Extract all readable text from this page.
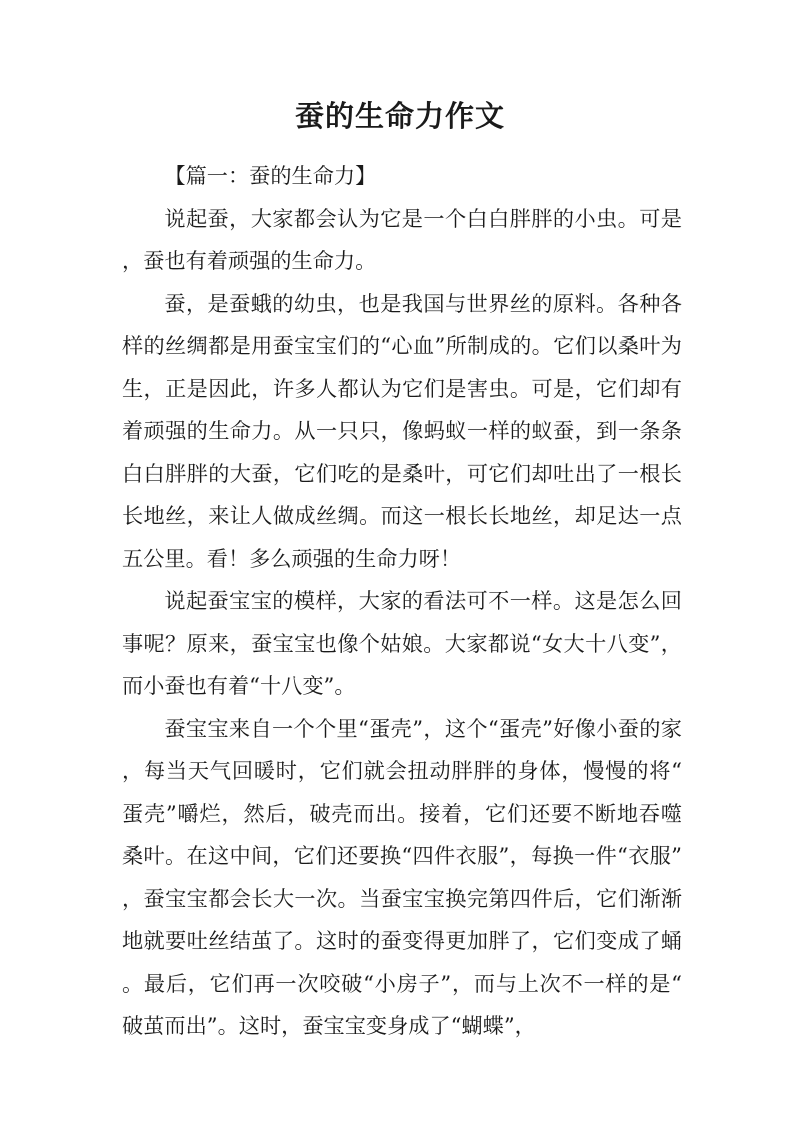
蚕的生命力作文

【篇一：蚕的生命力】

说起蚕，大家都会认为它是一个白白胖胖的小虫。可是，蚕也有着顽强的生命力。

蚕，是蚕蛾的幼虫，也是我国与世界丝的原料。各种各样的丝绸都是用蚕宝宝们的“心血”所制成的。它们以桑叶为生，正是因此，许多人都认为它们是害虫。可是，它们却有着顽强的生命力。从一只只，像蚂蚁一样的蚁蚕，到一条条白白胖胖的大蚕，它们吃的是桑叶，可它们却吐出了一根长长地丝，来让人做成丝绸。而这一根长长地丝，却足达一点五公里。看！多么顽强的生命力呀！

说起蚕宝宝的模样，大家的看法可不一样。这是怎么回事呢？原来，蚕宝宝也像个姑娘。大家都说“女大十八变”，而小蚕也有着“十八变”。

蚕宝宝来自一个个里“蛋壳”，这个“蛋壳”好像小蚕的家，每当天气回暖时，它们就会扭动胖胖的身体，慢慢的将“蛋壳”嚼烂，然后，破壳而出。接着，它们还要不断地吞噬桑叶。在这中间，它们还要换“四件衣服”，每换一件“衣服”，蚕宝宝都会长大一次。当蚕宝宝换完第四件后，它们渐渐地就要吐丝结茧了。这时的蚕变得更加胖了，它们变成了蛹。最后，它们再一次咬破“小房子”，而与上次不一样的是“破茧而出”。这时，蚕宝宝变身成了“蝴蝶”，
